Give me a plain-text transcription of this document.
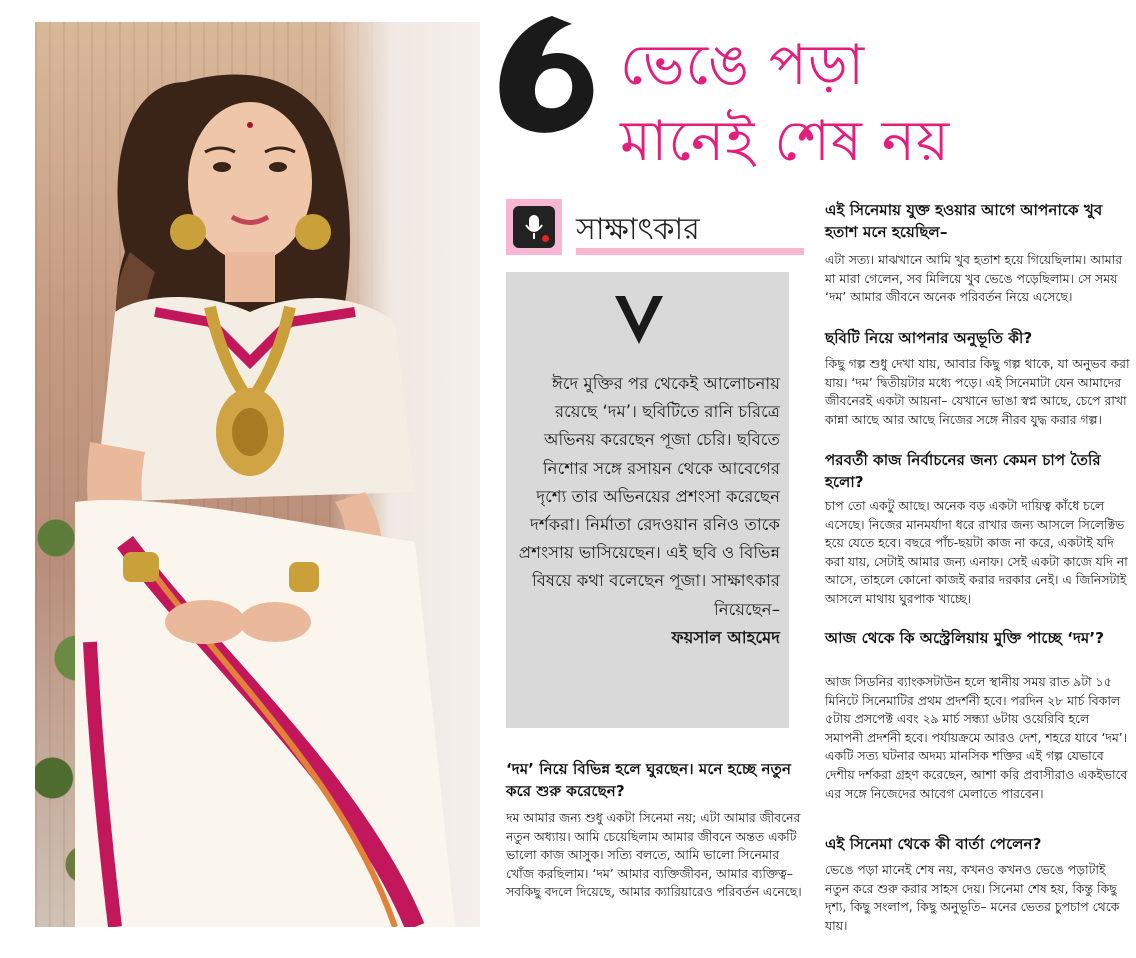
6
ভেঙে পড়া
মানেই শেষ নয়
সাক্ষাৎকার

ঈদে মুক্তির পর থেকেই আলোচনায় রয়েছে ‘দম’। ছবিটিতে রানি চরিত্রে অভিনয় করেছেন পূজা চেরি। ছবিতে নিশোর সঙ্গে রসায়ন থেকে আবেগের দৃশ্যে তার অভিনয়ের প্রশংসা করেছেন দর্শকরা। নির্মাতা রেদওয়ান রনিও তাকে প্রশংসায় ভাসিয়েছেন। এই ছবি ও বিভিন্ন বিষয়ে কথা বলেছেন পূজা। সাক্ষাৎকার নিয়েছেন–
ফয়সাল আহমেদ

‘দম’ নিয়ে বিভিন্ন হলে ঘুরছেন। মনে হচ্ছে নতুন করে শুরু করেছেন?
দম আমার জন্য শুধু একটা সিনেমা নয়; এটা আমার জীবনের নতুন অধ্যায়। আমি চেয়েছিলাম আমার জীবনে অন্তত একটি ভালো কাজ আসুক। সত্যি বলতে, আমি ভালো সিনেমার খোঁজ করছিলাম। ‘দম’ আমার ব্যক্তিজীবন, আমার ব্যক্তিত্ব– সবকিছু বদলে দিয়েছে, আমার ক্যারিয়ারেও পরিবর্তন এনেছে।
এই সিনেমায় যুক্ত হওয়ার আগে আপনাকে খুব হতাশ মনে হয়েছিল–
এটা সত্য। মাঝখানে আমি খুব হতাশ হয়ে গিয়েছিলাম। আমার মা মারা গেলেন, সব মিলিয়ে খুব ভেঙে পড়েছিলাম। সে সময় ‘দম’ আমার জীবনে অনেক পরিবর্তন নিয়ে এসেছে।
ছবিটি নিয়ে আপনার অনুভূতি কী?
কিছু গল্প শুধু দেখা যায়, আবার কিছু গল্প থাকে, যা অনুভব করা যায়। ‘দম’ দ্বিতীয়টার মধ্যে পড়ে। এই সিনেমাটা যেন আমাদের জীবনেরই একটা আয়না– যেখানে ভাঙা স্বপ্ন আছে, চেপে রাখা কান্না আছে আর আছে নিজের সঙ্গে নীরব যুদ্ধ করার গল্প।
পরবর্তী কাজ নির্বাচনের জন্য কেমন চাপ তৈরি হলো?
চাপ তো একটু আছে। অনেক বড় একটা দায়িত্ব কাঁধে চলে এসেছে। নিজের মানমর্যাদা ধরে রাখার জন্য আসলে সিলেক্টিভ হয়ে যেতে হবে। বছরে পাঁচ-ছয়টা কাজ না করে, একটাই যদি করা যায়, সেটাই আমার জন্য এনাফ। সেই একটা কাজে যদি না আসে, তাহলে কোনো কাজই করার দরকার নেই। এ জিনিসটাই আসলে মাথায় ঘুরপাক খাচ্ছে।
আজ থেকে কি অস্ট্রেলিয়ায় মুক্তি পাচ্ছে ‘দম’?
আজ সিডনির ব্যাংকসটাউন হলে স্থানীয় সময় রাত ৯টা ১৫ মিনিটে সিনেমাটির প্রথম প্রদর্শনী হবে। পরদিন ২৮ মার্চ বিকাল ৫টায় প্রসপেক্ট এবং ২৯ মার্চ সন্ধ্যা ৬টায় ওয়েরিবি হলে সমাপনী প্রদর্শনী হবে। পর্যায়ক্রমে আরও দেশ, শহরে যাবে ‘দম’। একটি সত্য ঘটনার অদম্য মানসিক শক্তির এই গল্প যেভাবে দেশীয় দর্শকরা গ্রহণ করেছেন, আশা করি প্রবাসীরাও একইভাবে এর সঙ্গে নিজেদের আবেগ মেলাতে পারবেন।
এই সিনেমা থেকে কী বার্তা পেলেন?
ভেঙে পড়া মানেই শেষ নয়, কখনও কখনও ভেঙে পড়াটাই নতুন করে শুরু করার সাহস দেয়। সিনেমা শেষ হয়, কিন্তু কিছু দৃশ্য, কিছু সংলাপ, কিছু অনুভূতি– মনের ভেতর চুপচাপ থেকে যায়।
